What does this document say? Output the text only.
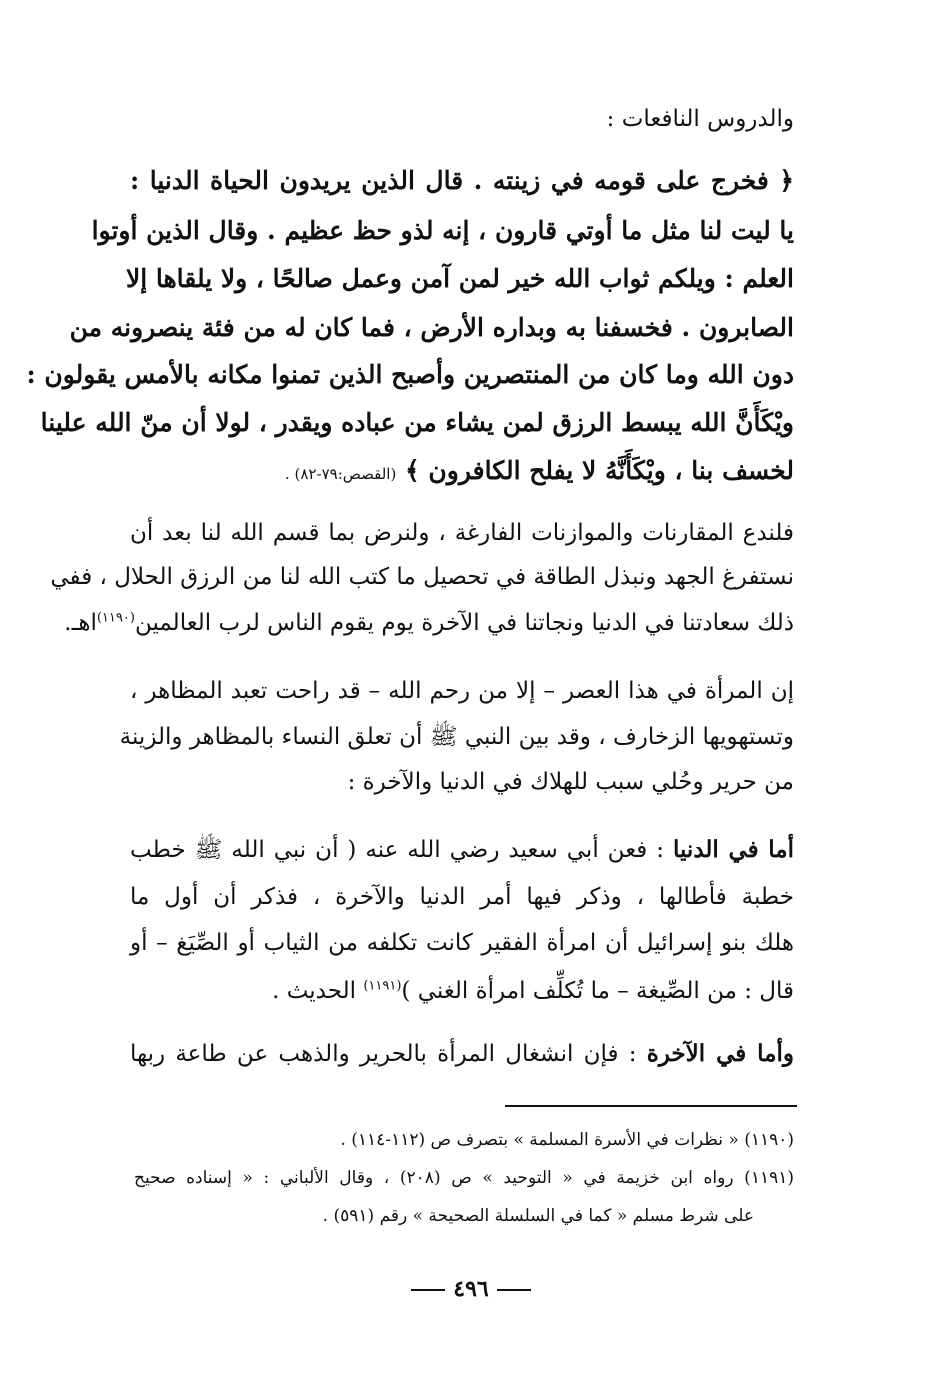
والدروس النافعات :
﴿ فخرج على قومه في زينته . قال الذين يريدون الحياة الدنيا :
يا ليت لنا مثل ما أوتي قارون ، إنه لذو حظ عظيم . وقال الذين أوتوا
العلم : ويلكم ثواب الله خير لمن آمن وعمل صالحًا ، ولا يلقاها إلا
الصابرون . فخسفنا به وبداره الأرض ، فما كان له من فئة ينصرونه من
دون الله وما كان من المنتصرين وأصبح الذين تمنوا مكانه بالأمس يقولون :
ويْكَأَنَّ الله يبسط الرزق لمن يشاء من عباده ويقدر ، لولا أن منّ الله علينا
لخسف بنا ، ويْكَأَنَّهُ لا يفلح الكافرون ﴾ (القصص:٧٩-٨٢) .
فلندع المقارنات والموازنات الفارغة ، ولنرض بما قسم الله لنا بعد أن
نستفرغ الجهد ونبذل الطاقة في تحصيل ما كتب الله لنا من الرزق الحلال ، ففي
ذلك سعادتنا في الدنيا ونجاتنا في الآخرة يوم يقوم الناس لرب العالمين$^{(١١٩٠)}$اهـ.
إن المرأة في هذا العصر – إلا من رحم الله – قد راحت تعبد المظاهر ،
وتستهويها الزخارف ، وقد بين النبي ﷺ أن تعلق النساء بالمظاهر والزينة
من حرير وحُلي سبب للهلاك في الدنيا والآخرة :
أما في الدنيا : فعن أبي سعيد رضي الله عنه ( أن نبي الله ﷺ خطب
خطبة فأطالها ، وذكر فيها أمر الدنيا والآخرة ، فذكر أن أول ما
هلك بنو إسرائيل أن امرأة الفقير كانت تكلفه من الثياب أو الصِّيَغ – أو
قال : من الصِّيغة – ما تُكلِّف امرأة الغني )$^{(١١٩١)}$ الحديث .
وأما في الآخرة : فإن انشغال المرأة بالحرير والذهب عن طاعة ربها
(١١٩٠) « نظرات في الأسرة المسلمة » بتصرف ص (١١٢-١١٤) .
(١١٩١) رواه ابن خزيمة في « التوحيد » ص (٢٠٨) ، وقال الألباني : « إسناده صحيح
على شرط مسلم « كما في السلسلة الصحيحة » رقم (٥٩١) .
٤٩٦
